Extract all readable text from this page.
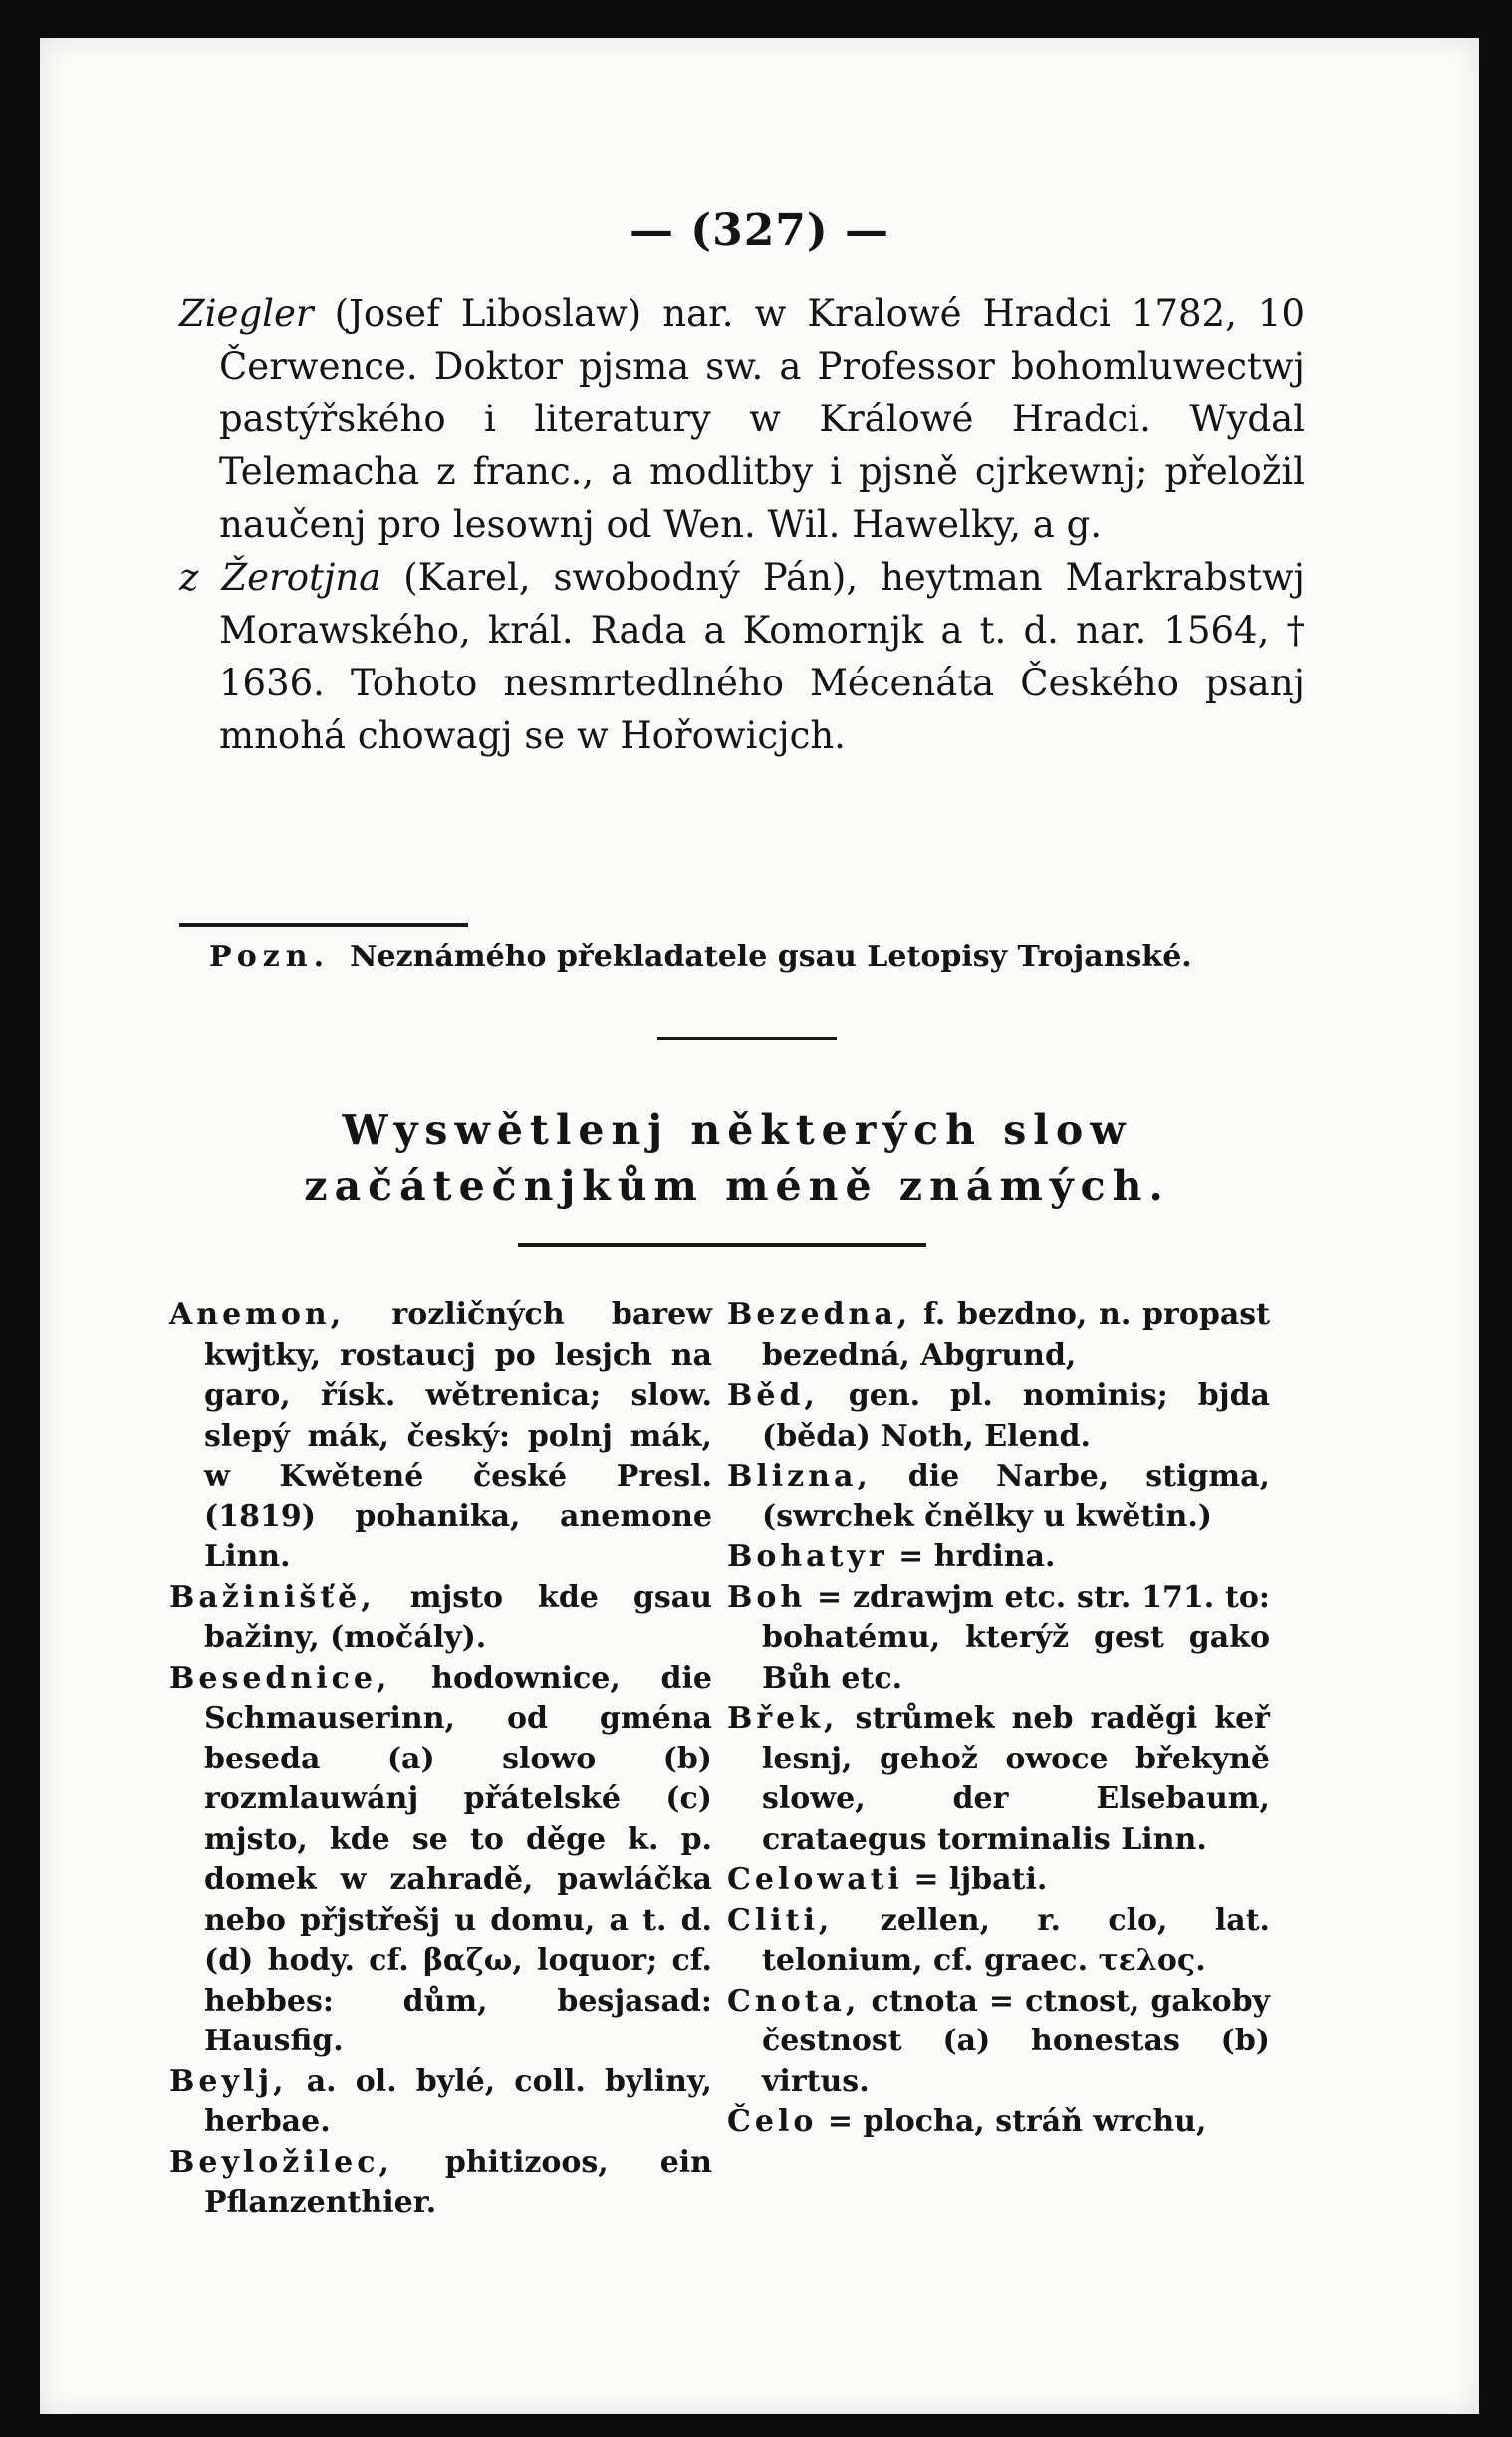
— (327) —

Ziegler (Josef Liboslaw) nar. w Kralowé Hradci 1782, 10 Čerwence. Doktor pjsma sw. a Professor bohomluwectwj pastýřského i literatury w Králowé Hradci. Wydal Telemacha z franc., a modlitby i pjsně cjrkewnj; přeložil naučenj pro lesownj od Wen. Wil. Hawelky, a g.

z Žerotjna (Karel, swobodný Pán), heytman Markrabstwj Morawského, král. Rada a Komornjk a t. d. nar. 1564, † 1636. Tohoto nesmrtedlného Mécenáta Českého psanj mnohá chowagj se w Hořowicjch.

Pozn. Neznámého překladatele gsau Letopisy Trojanské.
Wyswětlenj některých slow začátečnjkům méně známých.

Anemon, rozličných barew kwjtky, rostaucj po lesjch na garo, řísk. wětrenica; slow. slepý mák, český: polnj mák, w Kwětené české Presl. (1819) pohanika, anemone Linn.

Bažinišťě, mjsto kde gsau bažiny, (močály).

Besednice, hodownice, die Schmauserinn, od gména beseda (a) slowo (b) rozmlauwánj přátelské (c) mjsto, kde se to děge k. p. domek w zahradě, pawláčka nebo přjstřešj u domu, a t. d. (d) hody. cf. βαζω, loquor; cf. hebbes: dům, besjasad: Hausfig.

Beylj, a. ol. bylé, coll. byliny, herbae.

Beyložilec, phitizoos, ein Pflanzenthier.

Bezedna, f. bezdno, n. propast bezedná, Abgrund,

Běd, gen. pl. nominis; bjda (běda) Noth, Elend.

Blizna, die Narbe, stigma, (swrchek čnělky u kwětin.)

Bohatyr = hrdina.

Boh = zdrawjm etc. str. 171. to: bohatému, kterýž gest gako Bůh etc.

Břek, strůmek neb raděgi keř lesnj, gehož owoce břekyně slowe, der Elsebaum, crataegus torminalis Linn.

Celowati = ljbati.

Cliti, zellen, r. clo, lat. telonium, cf. graec. τελος.

Cnota, ctnota = ctnost, gakoby čestnost (a) honestas (b) virtus.

Čelo = plocha, stráň wrchu,
